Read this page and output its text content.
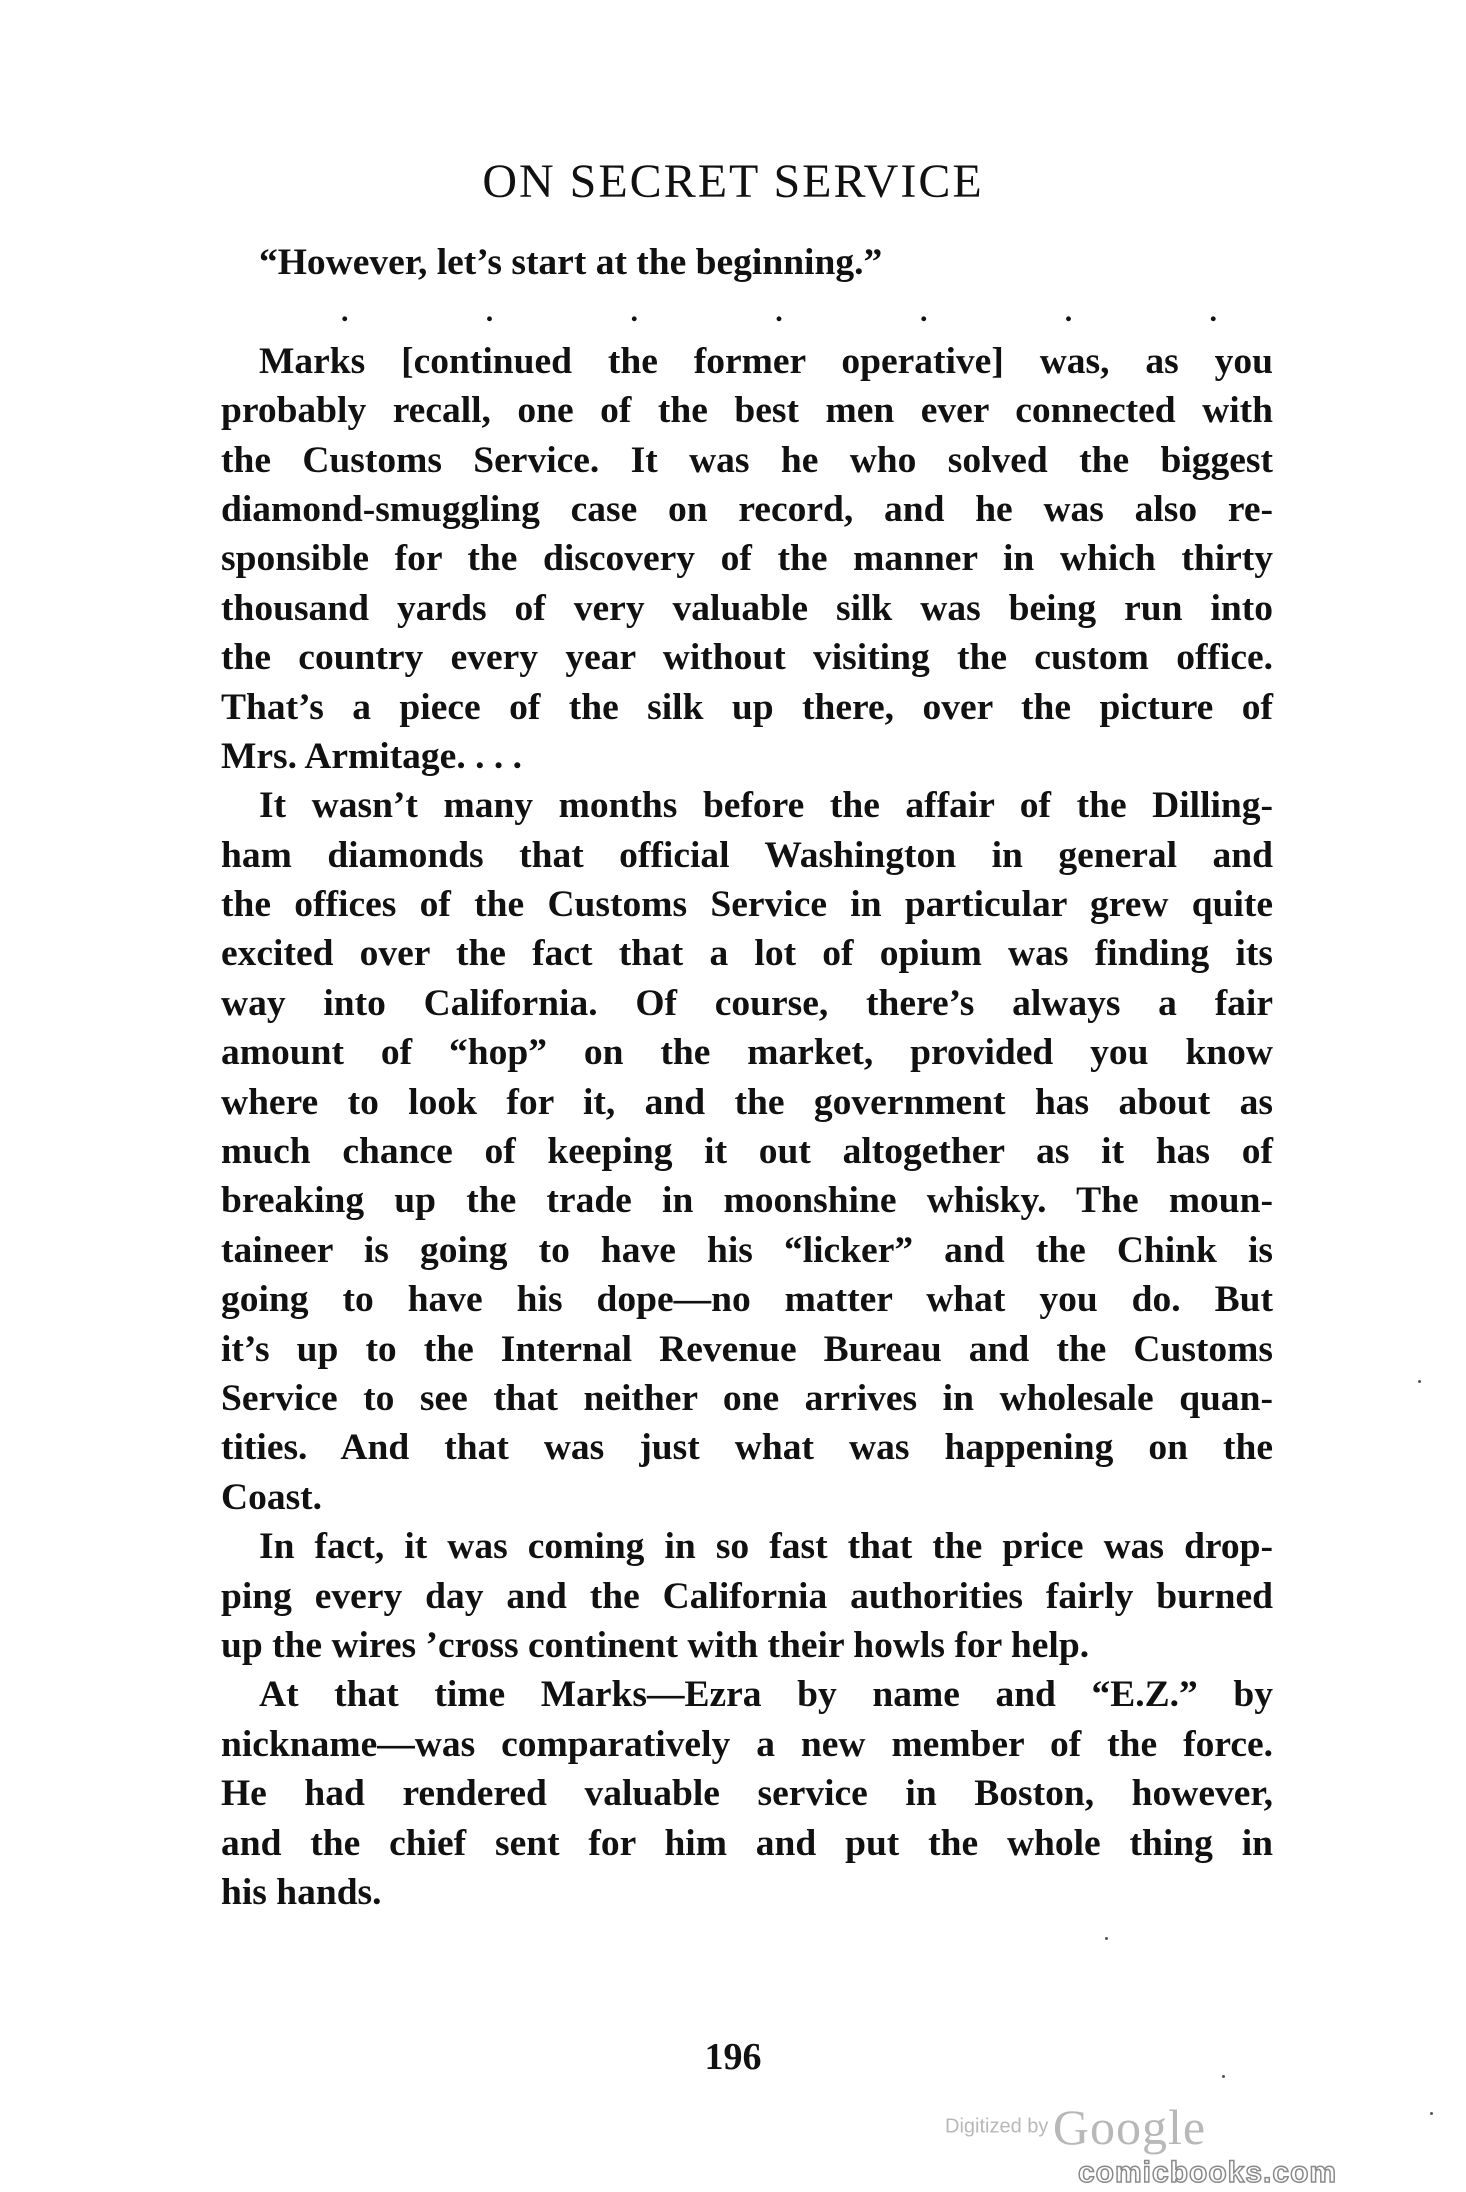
ON SECRET SERVICE
“However, let’s start at the beginning.”
.	.	.	.	.	.	.
Marks [continued the former operative] was, as you
probably recall, one of the best men ever connected with
the Customs Service. It was he who solved the biggest
diamond-smuggling case on record, and he was also re-
sponsible for the discovery of the manner in which thirty
thousand yards of very valuable silk was being run into
the country every year without visiting the custom office.
That’s a piece of the silk up there, over the picture of
Mrs. Armitage. . . .
It wasn’t many months before the affair of the Dilling-
ham diamonds that official Washington in general and
the offices of the Customs Service in particular grew quite
excited over the fact that a lot of opium was finding its
way into California. Of course, there’s always a fair
amount of “hop” on the market, provided you know
where to look for it, and the government has about as
much chance of keeping it out altogether as it has of
breaking up the trade in moonshine whisky. The moun-
taineer is going to have his “licker” and the Chink is
going to have his dope—no matter what you do. But
it’s up to the Internal Revenue Bureau and the Customs
Service to see that neither one arrives in wholesale quan-
tities. And that was just what was happening on the
Coast.
In fact, it was coming in so fast that the price was drop-
ping every day and the California authorities fairly burned
up the wires ’cross continent with their howls for help.
At that time Marks—Ezra by name and “E.Z.” by
nickname—was comparatively a new member of the force.
He had rendered valuable service in Boston, however,
and the chief sent for him and put the whole thing in
his hands.
196
Digitized by Google
comicbooks.com
